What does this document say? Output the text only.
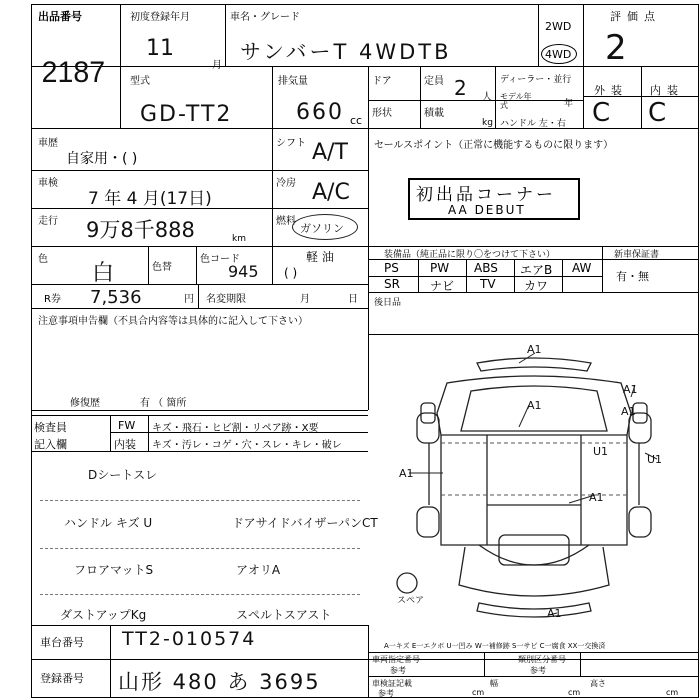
出品番号
2187
初度登録年月
11
月
車名・グレード
サンバーT 4WDTB
2WD
4WD
評価点
2
型式
GD-TT2
排気量
660 cc
ドア	定員 2 人
ディーラー・並行
モデル年式	年
形状	積載
kg ハンドル 左・右
外装 内装
C C
車歴
自家用・( )
シフト A/T
車検
7 年 4 月(17日)
冷房 A/C
走行 9万8千888	km
燃料
ガソリン
軽 油
( )
色
白	色替
色コード
945
R券 7,536	円 名変期限	月	日
注意事項申告欄（不具合内容等は具体的に記入して下さい）
修復歴	有 （ 箇所
セールスポイント（正常に機能するものに限ります）
初出品コーナー
AA DEBUT
装備品（純正品に限り〇をつけて下さい）	新車保証書
有・無
PS	PW ABS エアB AW
SR	ナビ TV カワ
後日品
検査員
記入欄
FW キズ・飛石・ヒビ割・リペア跡・X要
内装 キズ・汚レ・コゲ・穴・スレ・キレ・破レ
Dシートスレ
ハンドル キズ U	ドアサイドバイザーパンCT
フロアマットS	アオリA
ダストアップKg	スペルトスアスト
A1
A1
A1
A1
U1
U1
A1
A1
A1
スペア
車台番号 TT2-010574
登録番号 山形 480 あ 3695
A一キズ E一エクボ U一凹み W一補修跡 S一サビ C一腐食 XX一交換済
車両指定番号
参考
類別区分番号
参考
車検証記載
参考
幅	高さ
cm	cm	cm
